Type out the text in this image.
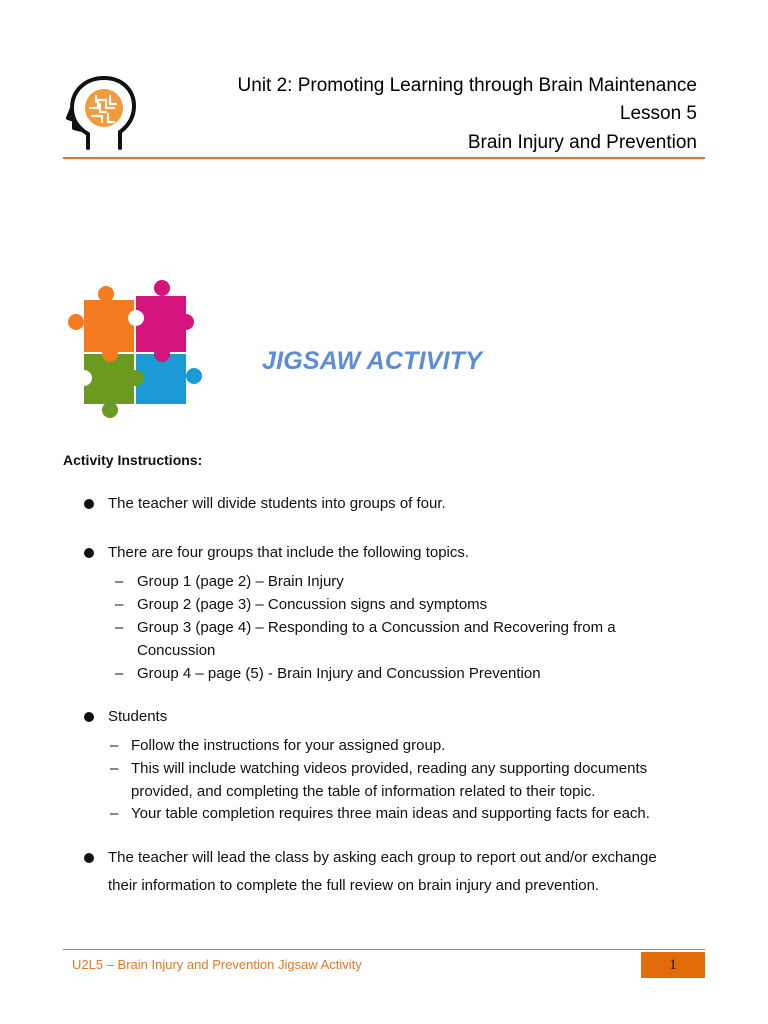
Unit 2: Promoting Learning through Brain Maintenance
Lesson 5
Brain Injury and Prevention
JIGSAW ACTIVITY
Activity Instructions:
The teacher will divide students into groups of four.
There are four groups that include the following topics.
– Group 1 (page 2) – Brain Injury
– Group 2 (page 3) – Concussion signs and symptoms
– Group 3 (page 4) – Responding to a Concussion and Recovering from a
Concussion
– Group 4 – page (5) - Brain Injury and Concussion Prevention
Students
– Follow the instructions for your assigned group.
– This will include watching videos provided, reading any supporting documents
provided, and completing the table of information related to their topic.
– Your table completion requires three main ideas and supporting facts for each.
The teacher will lead the class by asking each group to report out and/or exchange
their information to complete the full review on brain injury and prevention.
U2L5 – Brain Injury and Prevention Jigsaw Activity	1
